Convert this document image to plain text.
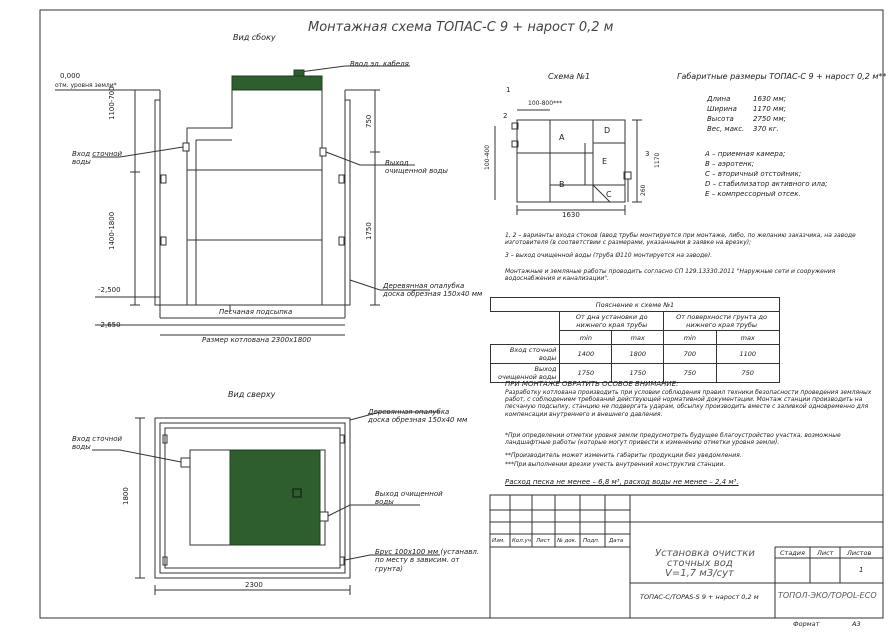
Монтажная схема ТОПАС-С 9 + нарост 0,2 м
Вид сбоку
Ввод эл. кабеля
0,000
отм. уровня земли*
Вход сточной воды	Выход очищенной воды
1100-700
1400-1800
750
1750
-2,500
-2,650
Деревянная опалубка доска обрезная 150х40 мм
Песчаная подсыпка
Размер котлована 2300х1800
Вид сверху
Деревянная опалубка доска обрезная 150х40 мм
Вход сточной воды
Выход очищенной воды
Брус 100х100 мм (устанавл. по месту в зависим. от грунта)
1800
2300
Схема №1
100-800***
100-400	1170
260
1630
1
2
3
A
B
C
D
E
Габаритные размеры ТОПАС-С 9 + нарост 0,2 м**
Длина	1630 мм;
Ширина 1170 мм;
Высота	2750 мм;
Вес, макс. 370 кг.
А – приемная камера;
B – аэротенк;
C – вторичный отстойник;
D – стабилизатор активного ила;
E – компрессорный отсек.
1, 2 – варианты входа стоков (ввод трубы монтируется при монтаже, либо, по желанию заказчика, на заводе изготовителя (в соответствии с размерами, указанными в заявке на врезку);
3 – выход очищенной воды (труба Ø110 монтируется на заводе).
Монтажные и земляные работы проводить согласно СП 129.13330.2011 "Наружные сети и сооружения водоснабжения и канализации".
Пояснение к схеме №1				
	От дна установки до нижнего края трубы		От поверхности грунта до нижнего края трубы	
	min	max	min	max
Вход сточной воды	1400	1800	700	1100
Выход очищенной воды	1750	1750	750	750
ПРИ МОНТАЖЕ ОБРАТИТЬ ОСОБОЕ ВНИМАНИЕ:
Разработку котлована производить при условии соблюдения правил техники безопасности проведения земляных работ, с соблюдением требований действующей нормативной документации. Монтаж станции производить на песчаную подсыпку, станцию не подвергать ударам, обсыпку производить вместе с заливкой одновременно для компенсации внутреннего и внешнего давления.
*При определении отметки уровня земли предусмотреть будущее благоустройство участка, возможные ландшафтные работы (которые могут привести к изменению отметки уровня земли).
**Производитель может изменить габариты продукции без уведомления.
***При выполнении врезки учесть внутренний конструктив станции.
Расход песка не менее – 6,8 м³, расход воды не менее – 2,4 м³.
Изм. Кол.уч. Лист № док. Подп. Дата
Установка очистки
сточных вод
V=1,7 м3/сут
Стадия Лист Листов
1
ТОПАС-С/TOPAS-S 9 + нарост 0,2 м ТОПОЛ-ЭКО/TOPOL-ECO
Формат	А3
